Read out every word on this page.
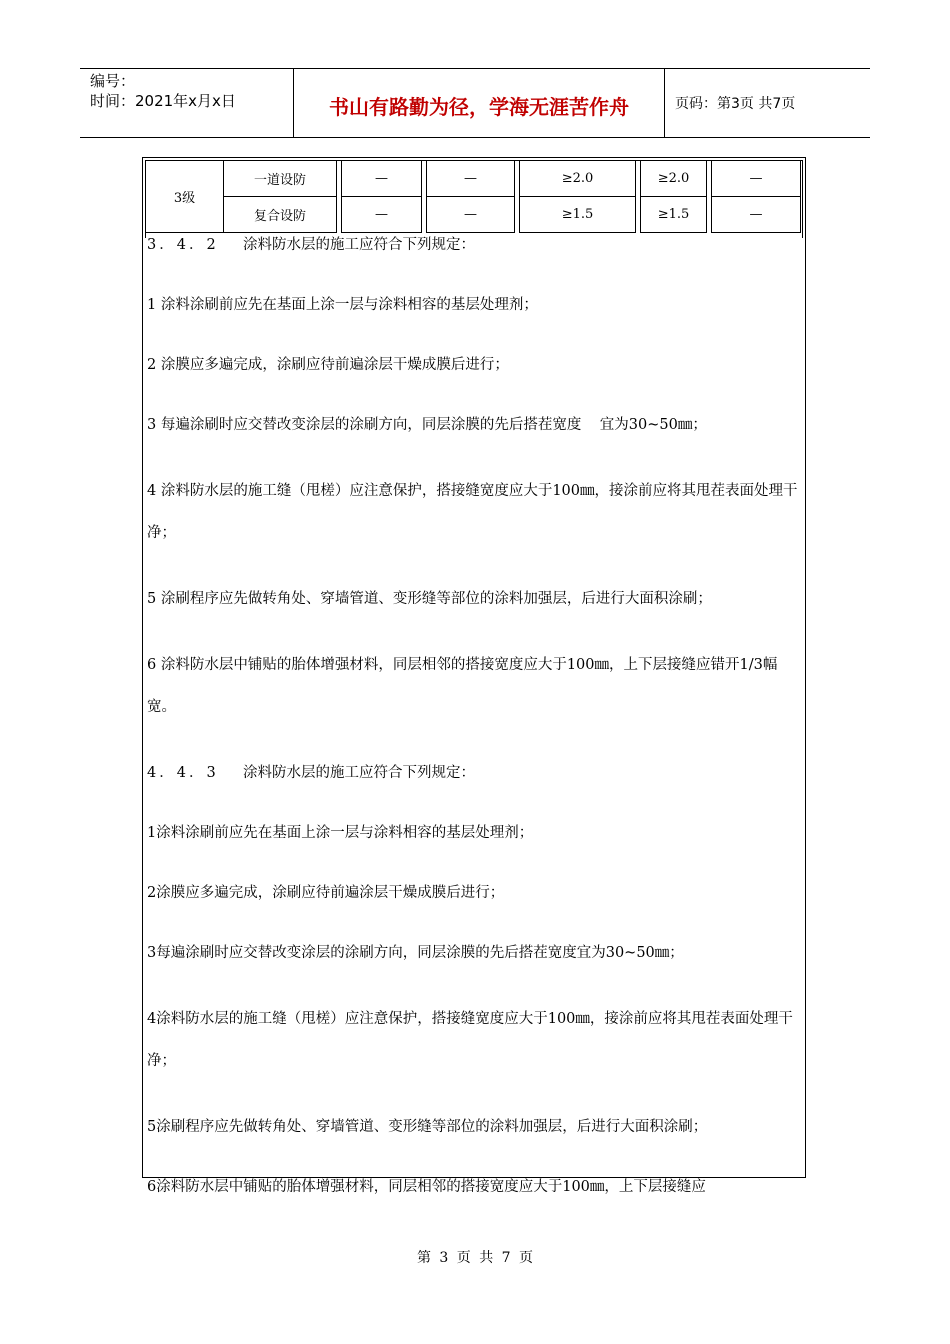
编号：
时间：2021年x月x日	书山有路勤为径，学海无涯苦作舟	页码：第3页 共7页
3级	一道设防		—		—		≥2.0		≥2.0		—
	复合设防		—		—		≥1.5		≥1.5		—

3．4．2 涂料防水层的施工应符合下列规定：

1 涂料涂刷前应先在基面上涂一层与涂料相容的基层处理剂；

2 涂膜应多遍完成，涂刷应待前遍涂层干燥成膜后进行；

3 每遍涂刷时应交替改变涂层的涂刷方向，同层涂膜的先后搭茬宽度    宜为30~50㎜；

4 涂料防水层的施工缝（甩槎）应注意保护，搭接缝宽度应大于100㎜，接涂前应将其甩茬表面处理干净；

5 涂刷程序应先做转角处、穿墙管道、变形缝等部位的涂料加强层，后进行大面积涂刷；

6 涂料防水层中铺贴的胎体增强材料，同层相邻的搭接宽度应大于100㎜，上下层接缝应错开1/3幅宽。

4．4．3 涂料防水层的施工应符合下列规定：

1涂料涂刷前应先在基面上涂一层与涂料相容的基层处理剂；

2涂膜应多遍完成，涂刷应待前遍涂层干燥成膜后进行；

3每遍涂刷时应交替改变涂层的涂刷方向，同层涂膜的先后搭茬宽度宜为30~50㎜；

4涂料防水层的施工缝（甩槎）应注意保护，搭接缝宽度应大于100㎜，接涂前应将其甩茬表面处理干净；

5涂刷程序应先做转角处、穿墙管道、变形缝等部位的涂料加强层，后进行大面积涂刷；

6涂料防水层中铺贴的胎体增强材料，同层相邻的搭接宽度应大于100㎜，上下层接缝应

第 3 页 共 7 页
